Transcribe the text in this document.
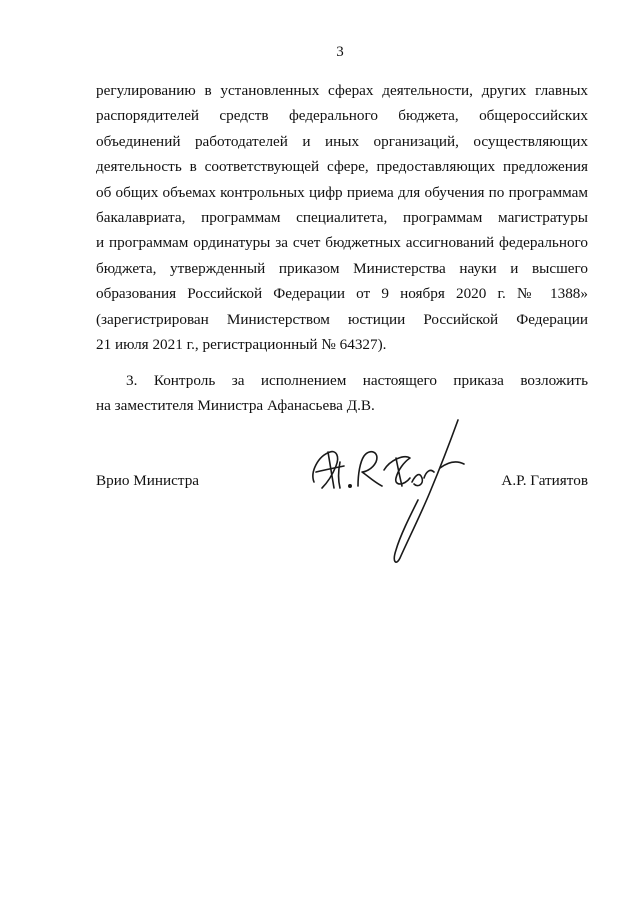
3
регулированию в установленных сферах деятельности, других главных
распорядителей средств федерального бюджета, общероссийских
объединений работодателей и иных организаций, осуществляющих
деятельность в соответствующей сфере, предоставляющих предложения
об общих объемах контрольных цифр приема для обучения по программам
бакалавриата, программам специалитета, программам магистратуры
и программам ординатуры за счет бюджетных ассигнований федерального
бюджета, утвержденный приказом Министерства науки и высшего
образования Российской Федерации от 9 ноября 2020 г. № 1388»
(зарегистрирован Министерством юстиции Российской Федерации
21 июля 2021 г., регистрационный № 64327).
3. Контроль за исполнением настоящего приказа возложить
на заместителя Министра Афанасьева Д.В.
Врио Министра	А.Р. Гатиятов
